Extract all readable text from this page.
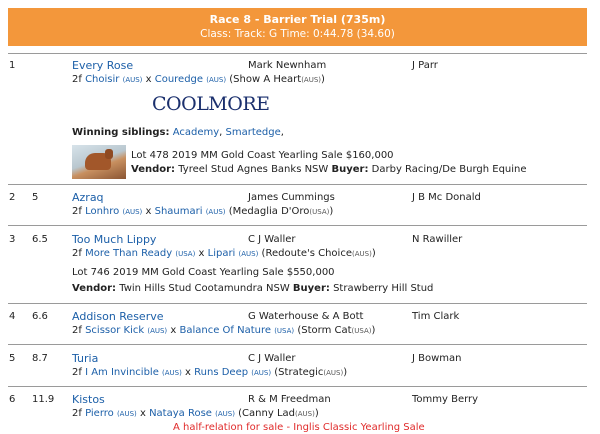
Race 8 - Barrier Trial (735m)
Class: Track: G Time: 0:44.78 (34.60)
1	Every Rose	Mark Newnham	J Parr
2f Choisir (AUS) x Couredge (AUS) (Show A Heart(AUS))
COOLMORE
Winning siblings: Academy, Smartedge,
Lot 478 2019 MM Gold Coast Yearling Sale $160,000
Vendor: Tyreel Stud Agnes Banks NSW Buyer: Darby Racing/De Burgh Equine
2 5	Azraq	James Cummings	J B Mc Donald
2f Lonhro (AUS) x Shaumari (AUS) (Medaglia D'Oro(USA))
3 6.5 Too Much Lippy	C J Waller	N Rawiller
2f More Than Ready (USA) x Lipari (AUS) (Redoute's Choice(AUS))
Lot 746 2019 MM Gold Coast Yearling Sale $550,000
Vendor: Twin Hills Stud Cootamundra NSW Buyer: Strawberry Hill Stud
4 6.6 Addison Reserve	G Waterhouse & A Bott	Tim Clark
2f Scissor Kick (AUS) x Balance Of Nature (USA) (Storm Cat(USA))
5 8.7 Turia	C J Waller	J Bowman
2f I Am Invincible (AUS) x Runs Deep (AUS) (Strategic(AUS))
6 11.9 Kistos	R & M Freedman	Tommy Berry
2f Pierro (AUS) x Nataya Rose (AUS) (Canny Lad(AUS))
A half-relation for sale - Inglis Classic Yearling Sale
